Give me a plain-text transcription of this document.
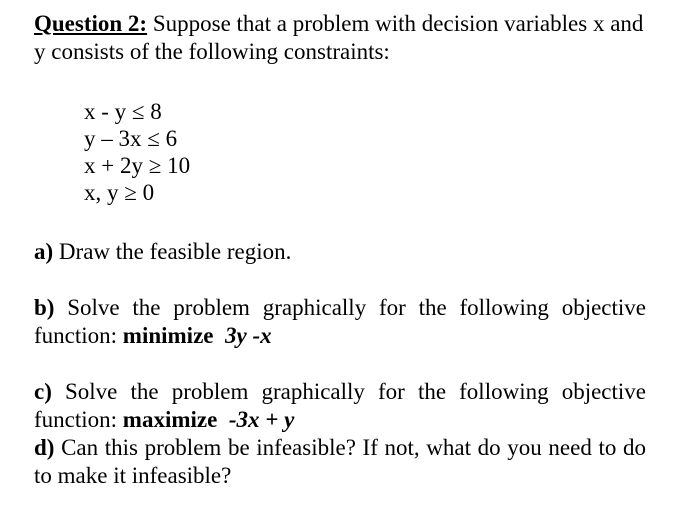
Question 2: Suppose that a problem with decision variables x and y consists of the following constraints:

x - y ≤ 8
y – 3x ≤ 6
x + 2y ≥ 10
x, y ≥ 0

a) Draw the feasible region.

b) Solve the problem graphically for the following objective function: minimize 3y -x

c) Solve the problem graphically for the following objective function: maximize -3x + y

d) Can this problem be infeasible? If not, what do you need to do to make it infeasible?
